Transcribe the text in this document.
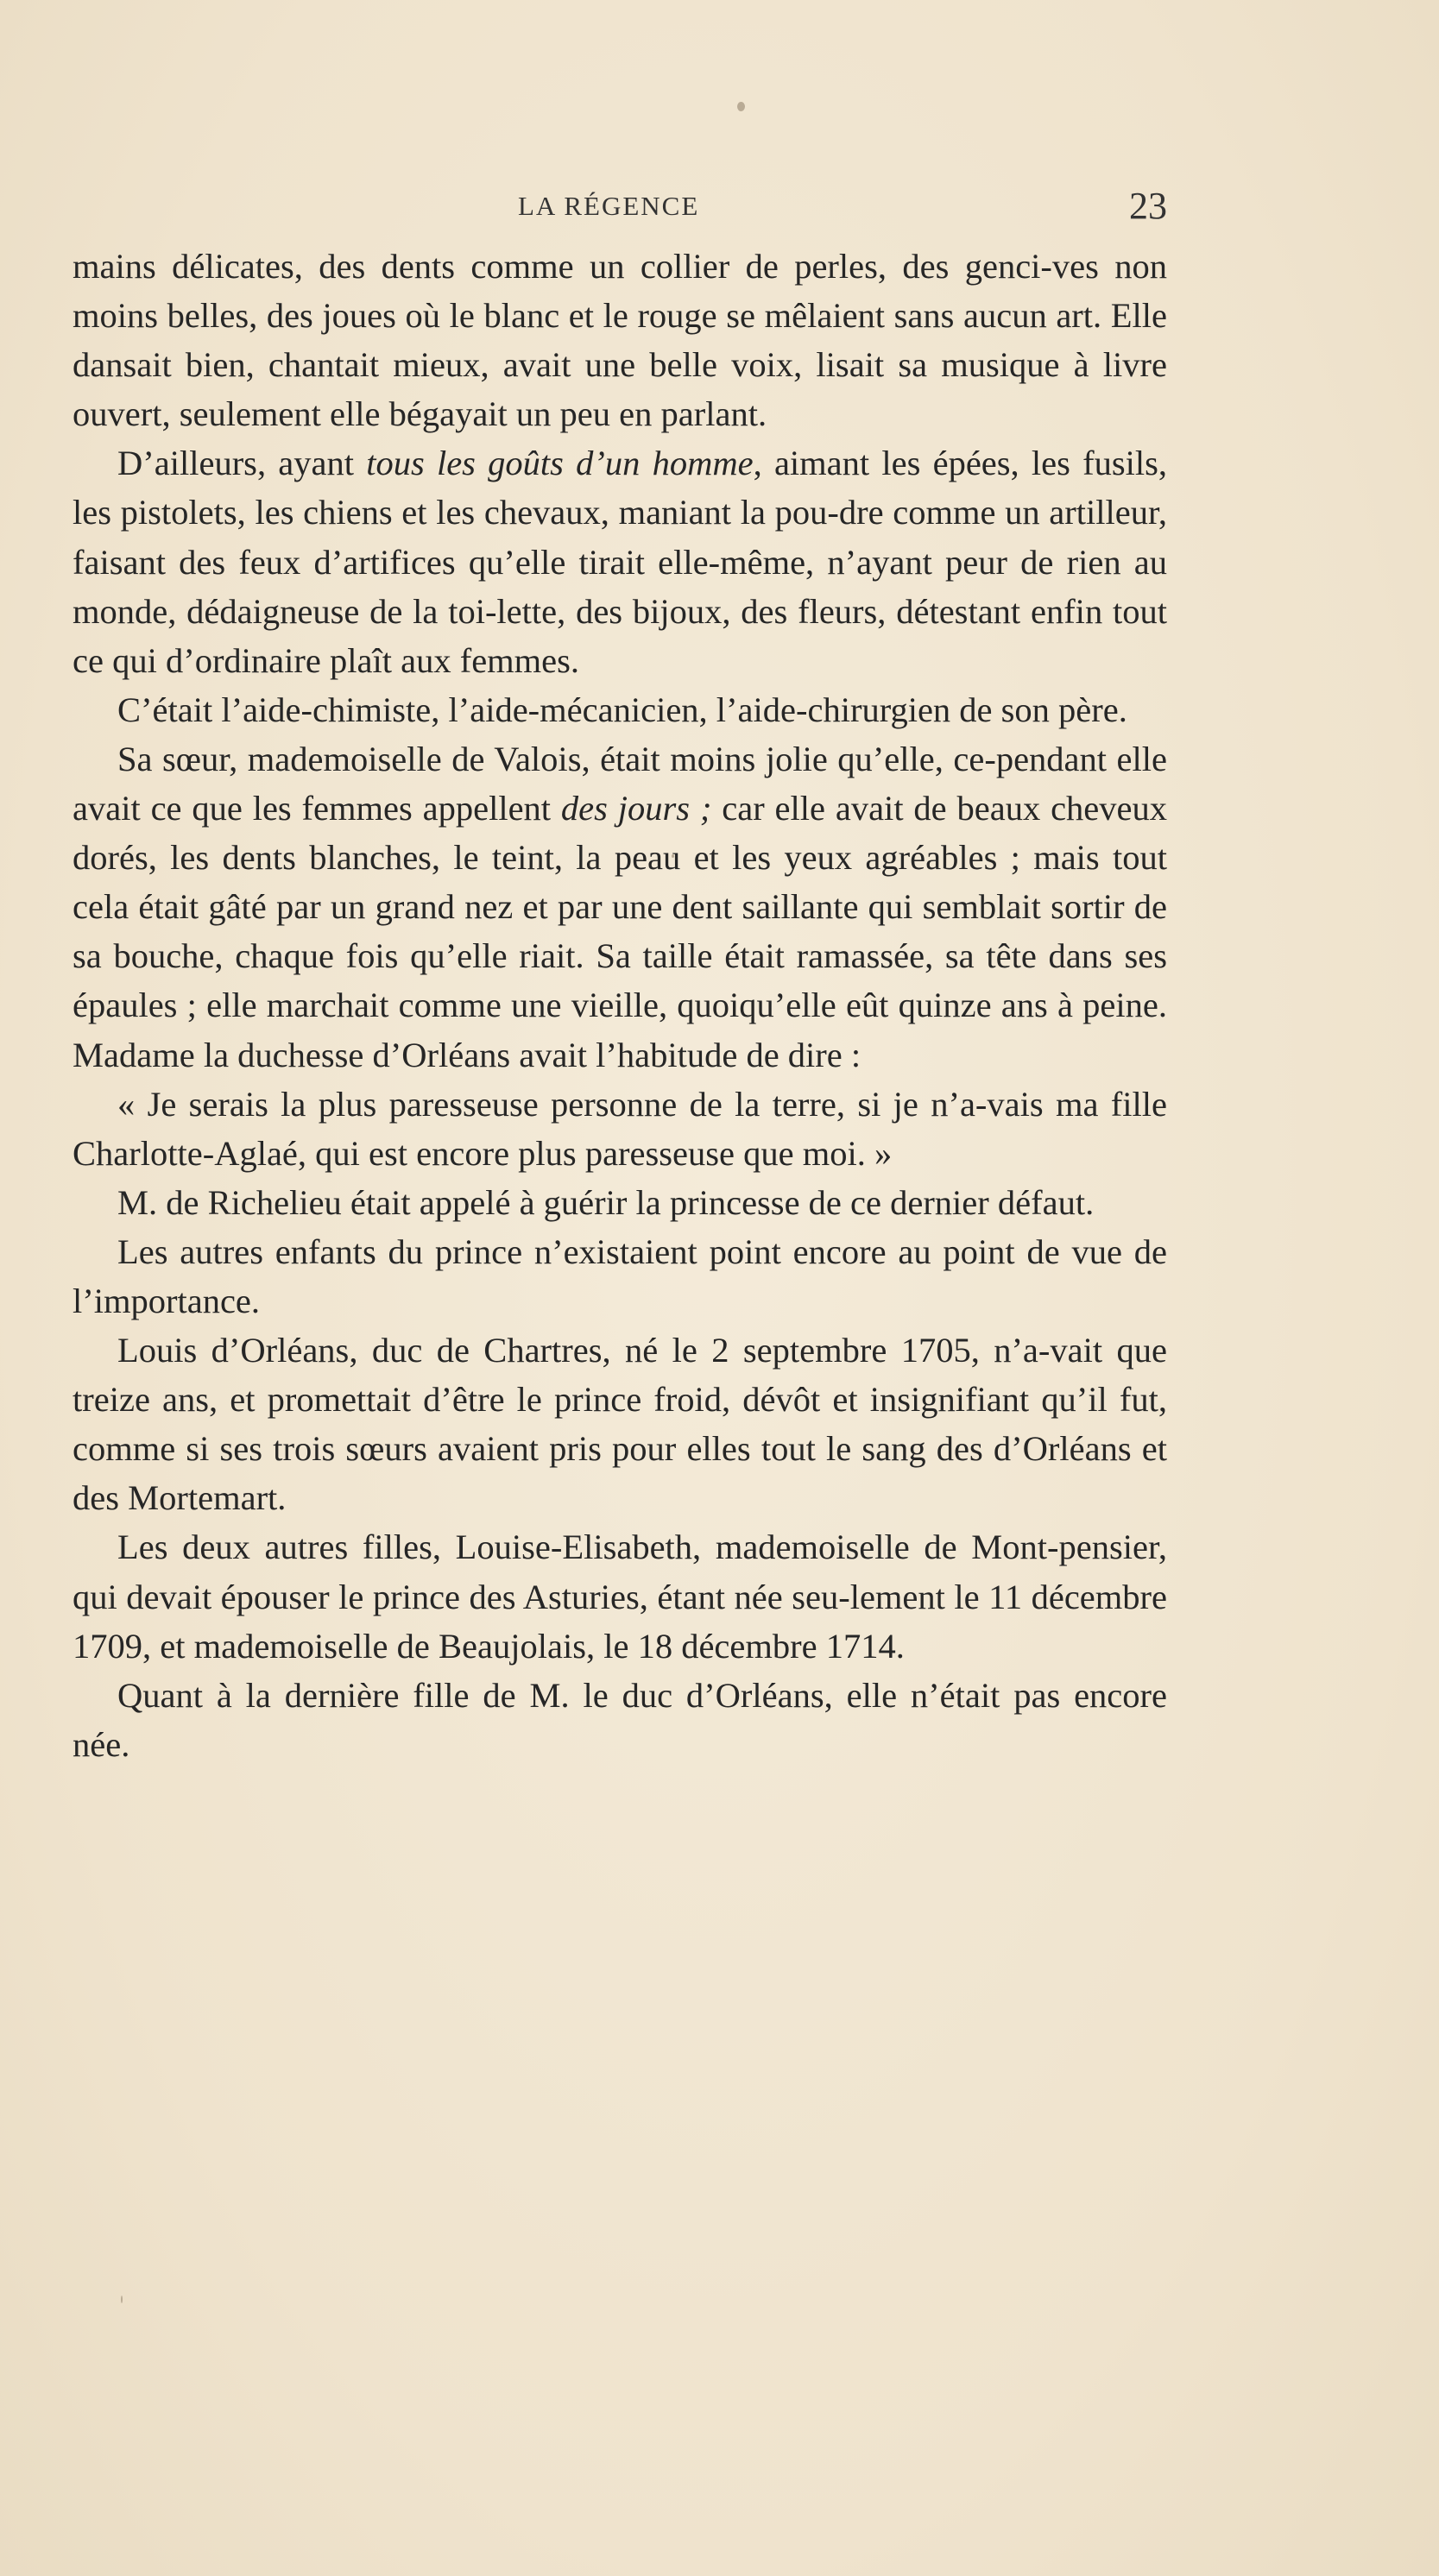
LA RÉGENCE	23

mains délicates, des dents comme un collier de perles, des genci-ves non moins belles, des joues où le blanc et le rouge se mêlaient sans aucun art. Elle dansait bien, chantait mieux, avait une belle voix, lisait sa musique à livre ouvert, seulement elle bégayait un peu en parlant.

D’ailleurs, ayant tous les goûts d’un homme, aimant les épées, les fusils, les pistolets, les chiens et les chevaux, maniant la pou-dre comme un artilleur, faisant des feux d’artifices qu’elle tirait elle-même, n’ayant peur de rien au monde, dédaigneuse de la toi-lette, des bijoux, des fleurs, détestant enfin tout ce qui d’ordinaire plaît aux femmes.

C’était l’aide-chimiste, l’aide-mécanicien, l’aide-chirurgien de son père.

Sa sœur, mademoiselle de Valois, était moins jolie qu’elle, ce-pendant elle avait ce que les femmes appellent des jours ; car elle avait de beaux cheveux dorés, les dents blanches, le teint, la peau et les yeux agréables ; mais tout cela était gâté par un grand nez et par une dent saillante qui semblait sortir de sa bouche, chaque fois qu’elle riait. Sa taille était ramassée, sa tête dans ses épaules ; elle marchait comme une vieille, quoiqu’elle eût quinze ans à peine. Madame la duchesse d’Orléans avait l’habitude de dire :

« Je serais la plus paresseuse personne de la terre, si je n’a-vais ma fille Charlotte-Aglaé, qui est encore plus paresseuse que moi. »

M. de Richelieu était appelé à guérir la princesse de ce dernier défaut.

Les autres enfants du prince n’existaient point encore au point de vue de l’importance.

Louis d’Orléans, duc de Chartres, né le 2 septembre 1705, n’a-vait que treize ans, et promettait d’être le prince froid, dévôt et insignifiant qu’il fut, comme si ses trois sœurs avaient pris pour elles tout le sang des d’Orléans et des Mortemart.

Les deux autres filles, Louise-Elisabeth, mademoiselle de Mont-pensier, qui devait épouser le prince des Asturies, étant née seu-lement le 11 décembre 1709, et mademoiselle de Beaujolais, le 18 décembre 1714.

Quant à la dernière fille de M. le duc d’Orléans, elle n’était pas encore née.
